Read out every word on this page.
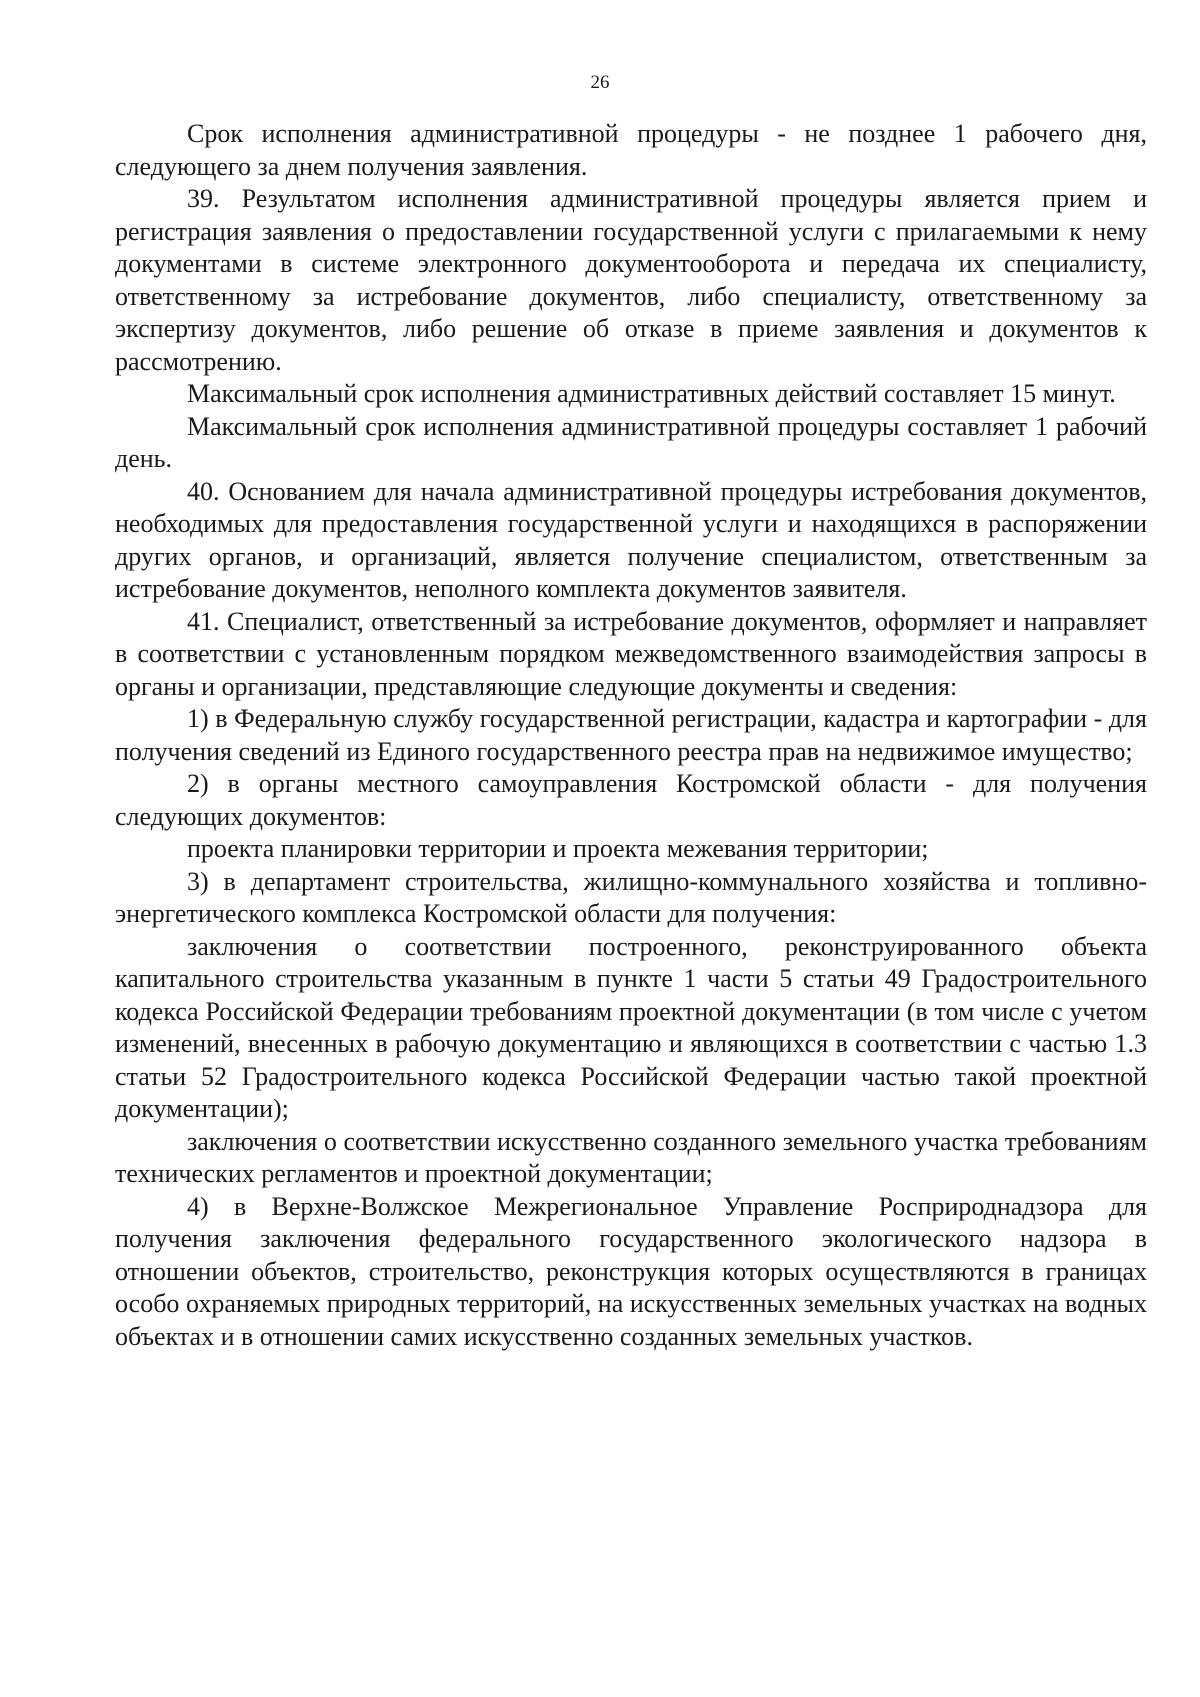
26

Срок исполнения административной процедуры - не позднее 1 рабочего дня, следующего за днем получения заявления.

39. Результатом исполнения административной процедуры является прием и регистрация заявления о предоставлении государственной услуги с прилагаемыми к нему документами в системе электронного документооборота и передача их специалисту, ответственному за истребование документов, либо специалисту, ответственному за экспертизу документов, либо решение об отказе в приеме заявления и документов к рассмотрению.

Максимальный срок исполнения административных действий составляет 15 минут.

Максимальный срок исполнения административной процедуры составляет 1 рабочий день.

40. Основанием для начала административной процедуры истребования документов, необходимых для предоставления государственной услуги и находящихся в распоряжении других органов, и организаций, является получение специалистом, ответственным за истребование документов, неполного комплекта документов заявителя.

41. Специалист, ответственный за истребование документов, оформляет и направляет в соответствии с установленным порядком межведомственного взаимодействия запросы в органы и организации, представляющие следующие документы и сведения:

1) в Федеральную службу государственной регистрации, кадастра и картографии - для получения сведений из Единого государственного реестра прав на недвижимое имущество;

2) в органы местного самоуправления Костромской области - для получения следующих документов:

проекта планировки территории и проекта межевания территории;

3) в департамент строительства, жилищно-коммунального хозяйства и топливно-энергетического комплекса Костромской области для получения:

заключения о соответствии построенного, реконструированного объекта капитального строительства указанным в пункте 1 части 5 статьи 49 Градостроительного кодекса Российской Федерации требованиям проектной документации (в том числе с учетом изменений, внесенных в рабочую документацию и являющихся в соответствии с частью 1.3 статьи 52 Градостроительного кодекса Российской Федерации частью такой проектной документации);

заключения о соответствии искусственно созданного земельного участка требованиям технических регламентов и проектной документации;

4) в Верхне-Волжское Межрегиональное Управление Росприроднадзора для получения заключения федерального государственного экологического надзора в отношении объектов, строительство, реконструкция которых осуществляются в границах особо охраняемых природных территорий, на искусственных земельных участках на водных объектах и в отношении самих искусственно созданных земельных участков.
